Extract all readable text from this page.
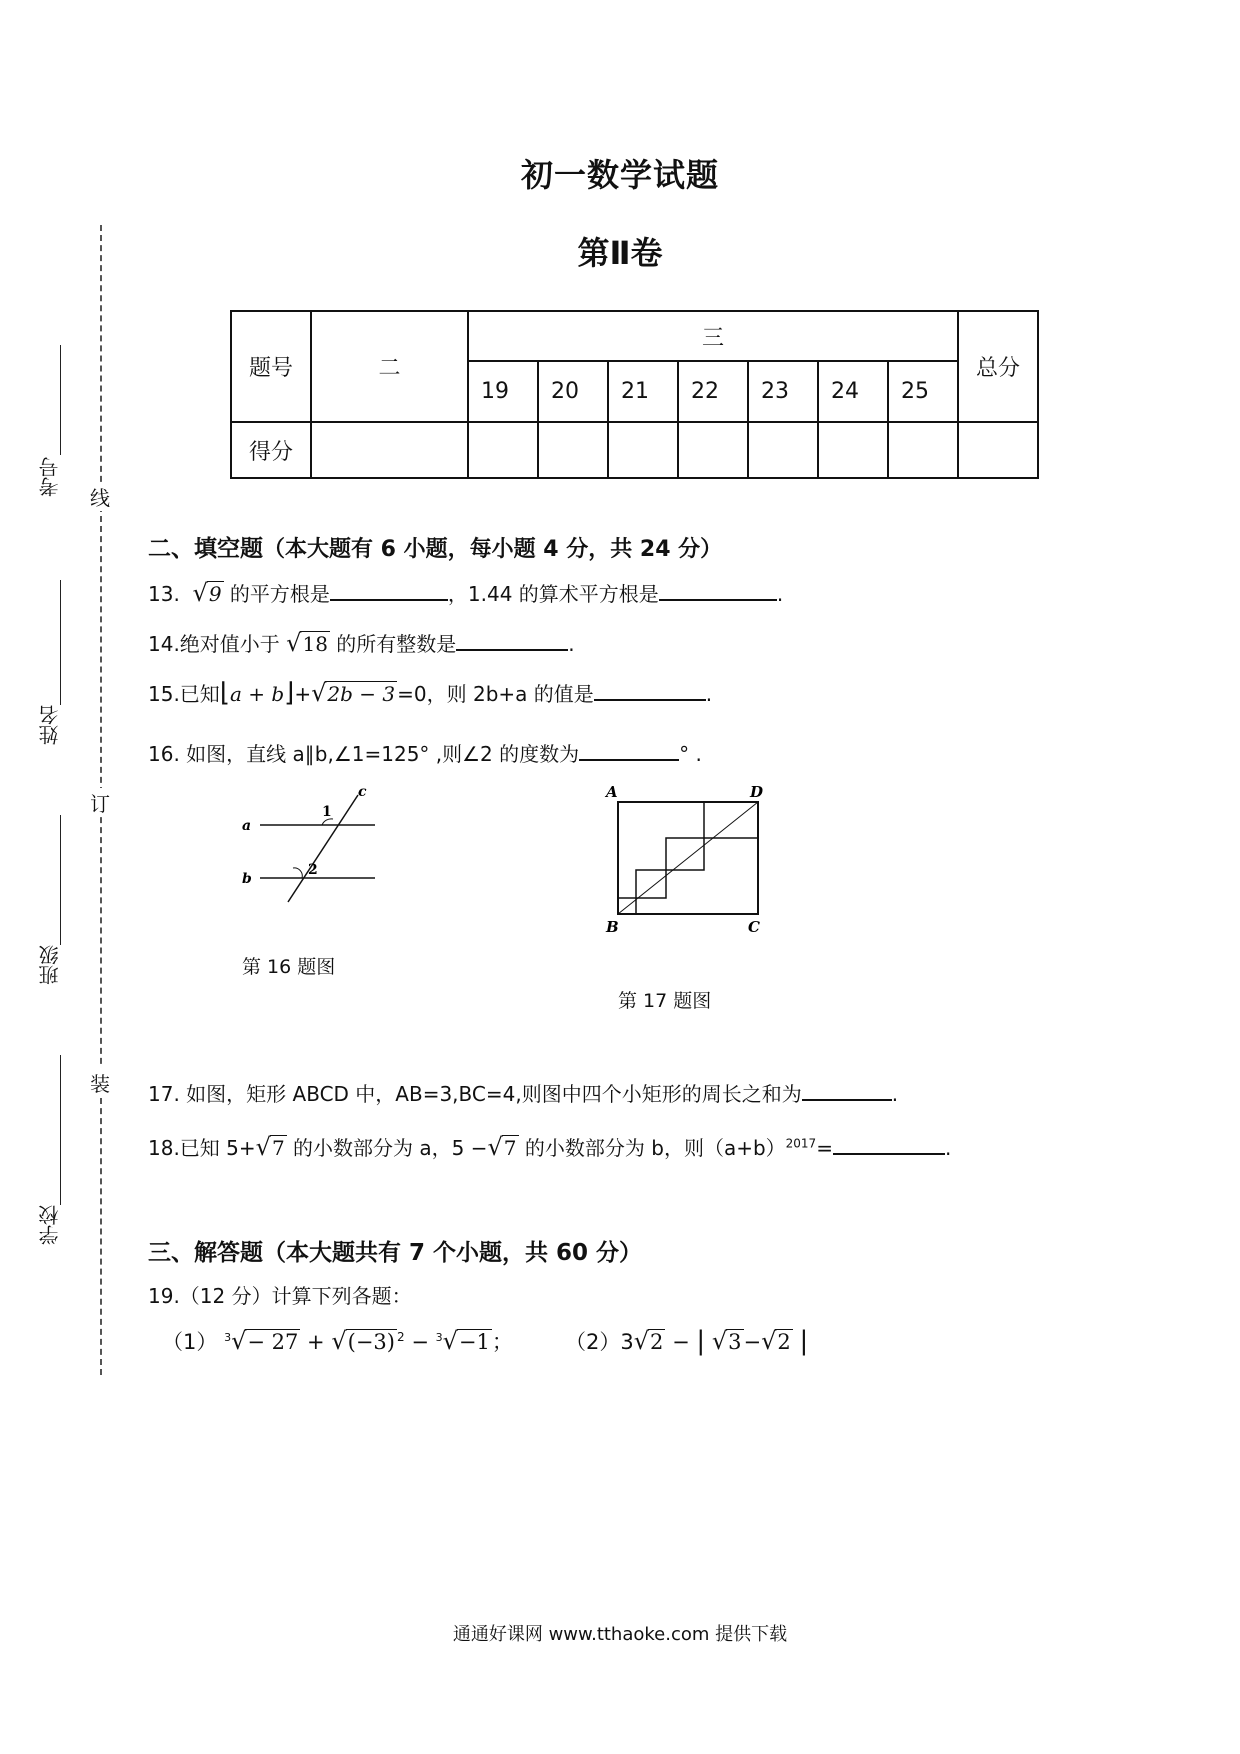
初一数学试题
第Ⅱ卷
线
订
装
考号
姓名
班级
学校
题号	二	三							总分
		19	20	21	22	23	24	25	
得分									
二、填空题（本大题有 6 小题，每小题 4 分，共 24 分）
13. √9 的平方根是	，1.44 的算术平方根是	.
14.绝对值小于 √18 的所有整数是	.
15.已知⌊a + b⌋+√2b − 3 =0，则 2b+a 的值是	.
16. 如图，直线 a∥b,∠1=125° ,则∠2 的度数为	° .
a
b
c
1
2
第 16 题图
A	D
B	C
第 17 题图
17. 如图，矩形 ABCD 中，AB=3,BC=4,则图中四个小矩形的周长之和为	.
18.已知 5+√7 的小数部分为 a，5 −√7 的小数部分为 b，则$(a+b)^{2017}=$	.
三、解答题（本大题共有 7 个小题，共 60 分）
19.（12 分）计算下列各题：
（1） $^3$√− 27 + √(−3) $^2$ − $^3$√−1； （2）3√2 − | √3−√2 |
通通好课网 www.tthaoke.com 提供下载
